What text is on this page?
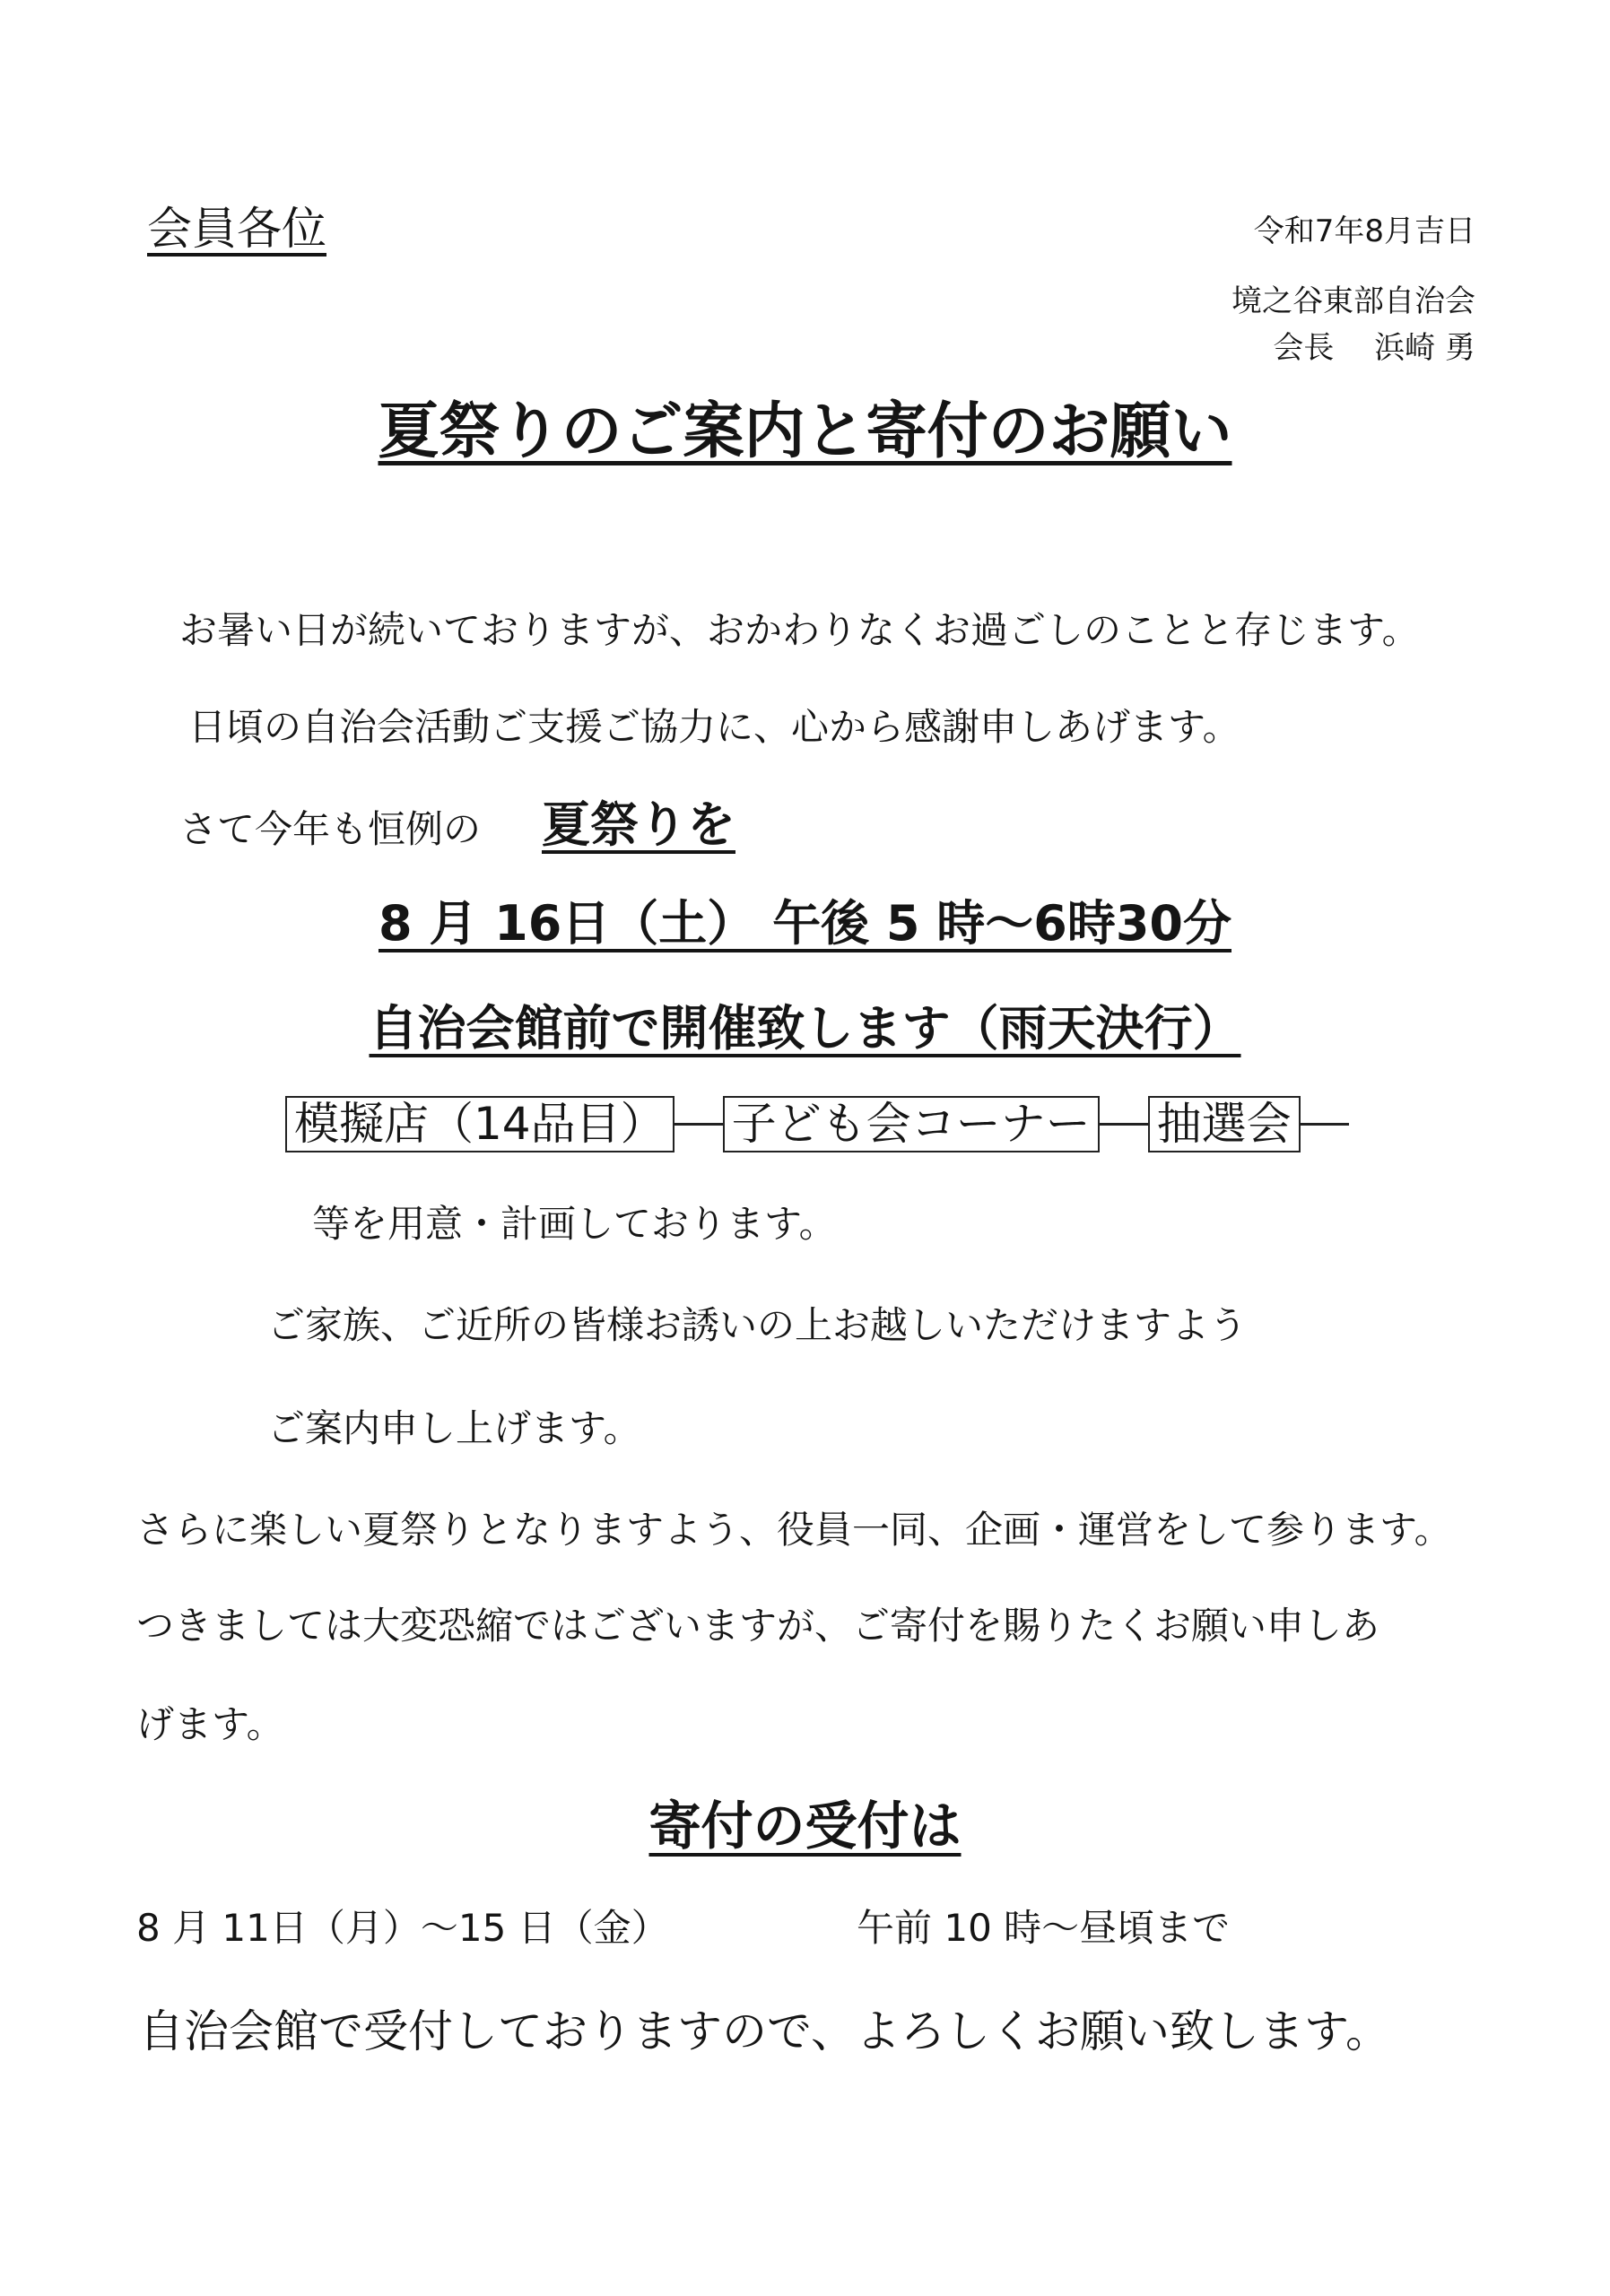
会員各位	令和7年8月吉日

境之谷東部自治会

会長　 浜崎 勇

夏祭りのご案内と寄付のお願い

お暑い日が続いておりますが、おかわりなくお過ごしのことと存じます。

日頃の自治会活動ご支援ご協力に、心から感謝申しあげます。

さて今年も恒例の 夏祭りを

8 月 16日（土） 午後 5 時～6時30分

自治会館前で開催致します（雨天決行）

模擬店（14品目） 子ども会コーナー 抽選会

等を用意・計画しております。

ご家族、ご近所の皆様お誘いの上お越しいただけますよう

ご案内申し上げます。

さらに楽しい夏祭りとなりますよう、役員一同、企画・運営をして参ります。

つきましては大変恐縮ではございますが、ご寄付を賜りたくお願い申しあ

げます。

寄付の受付は

8 月 11日（月）～15 日（金）	午前 10 時～昼頃まで

自治会館で受付しておりますので、よろしくお願い致します。
